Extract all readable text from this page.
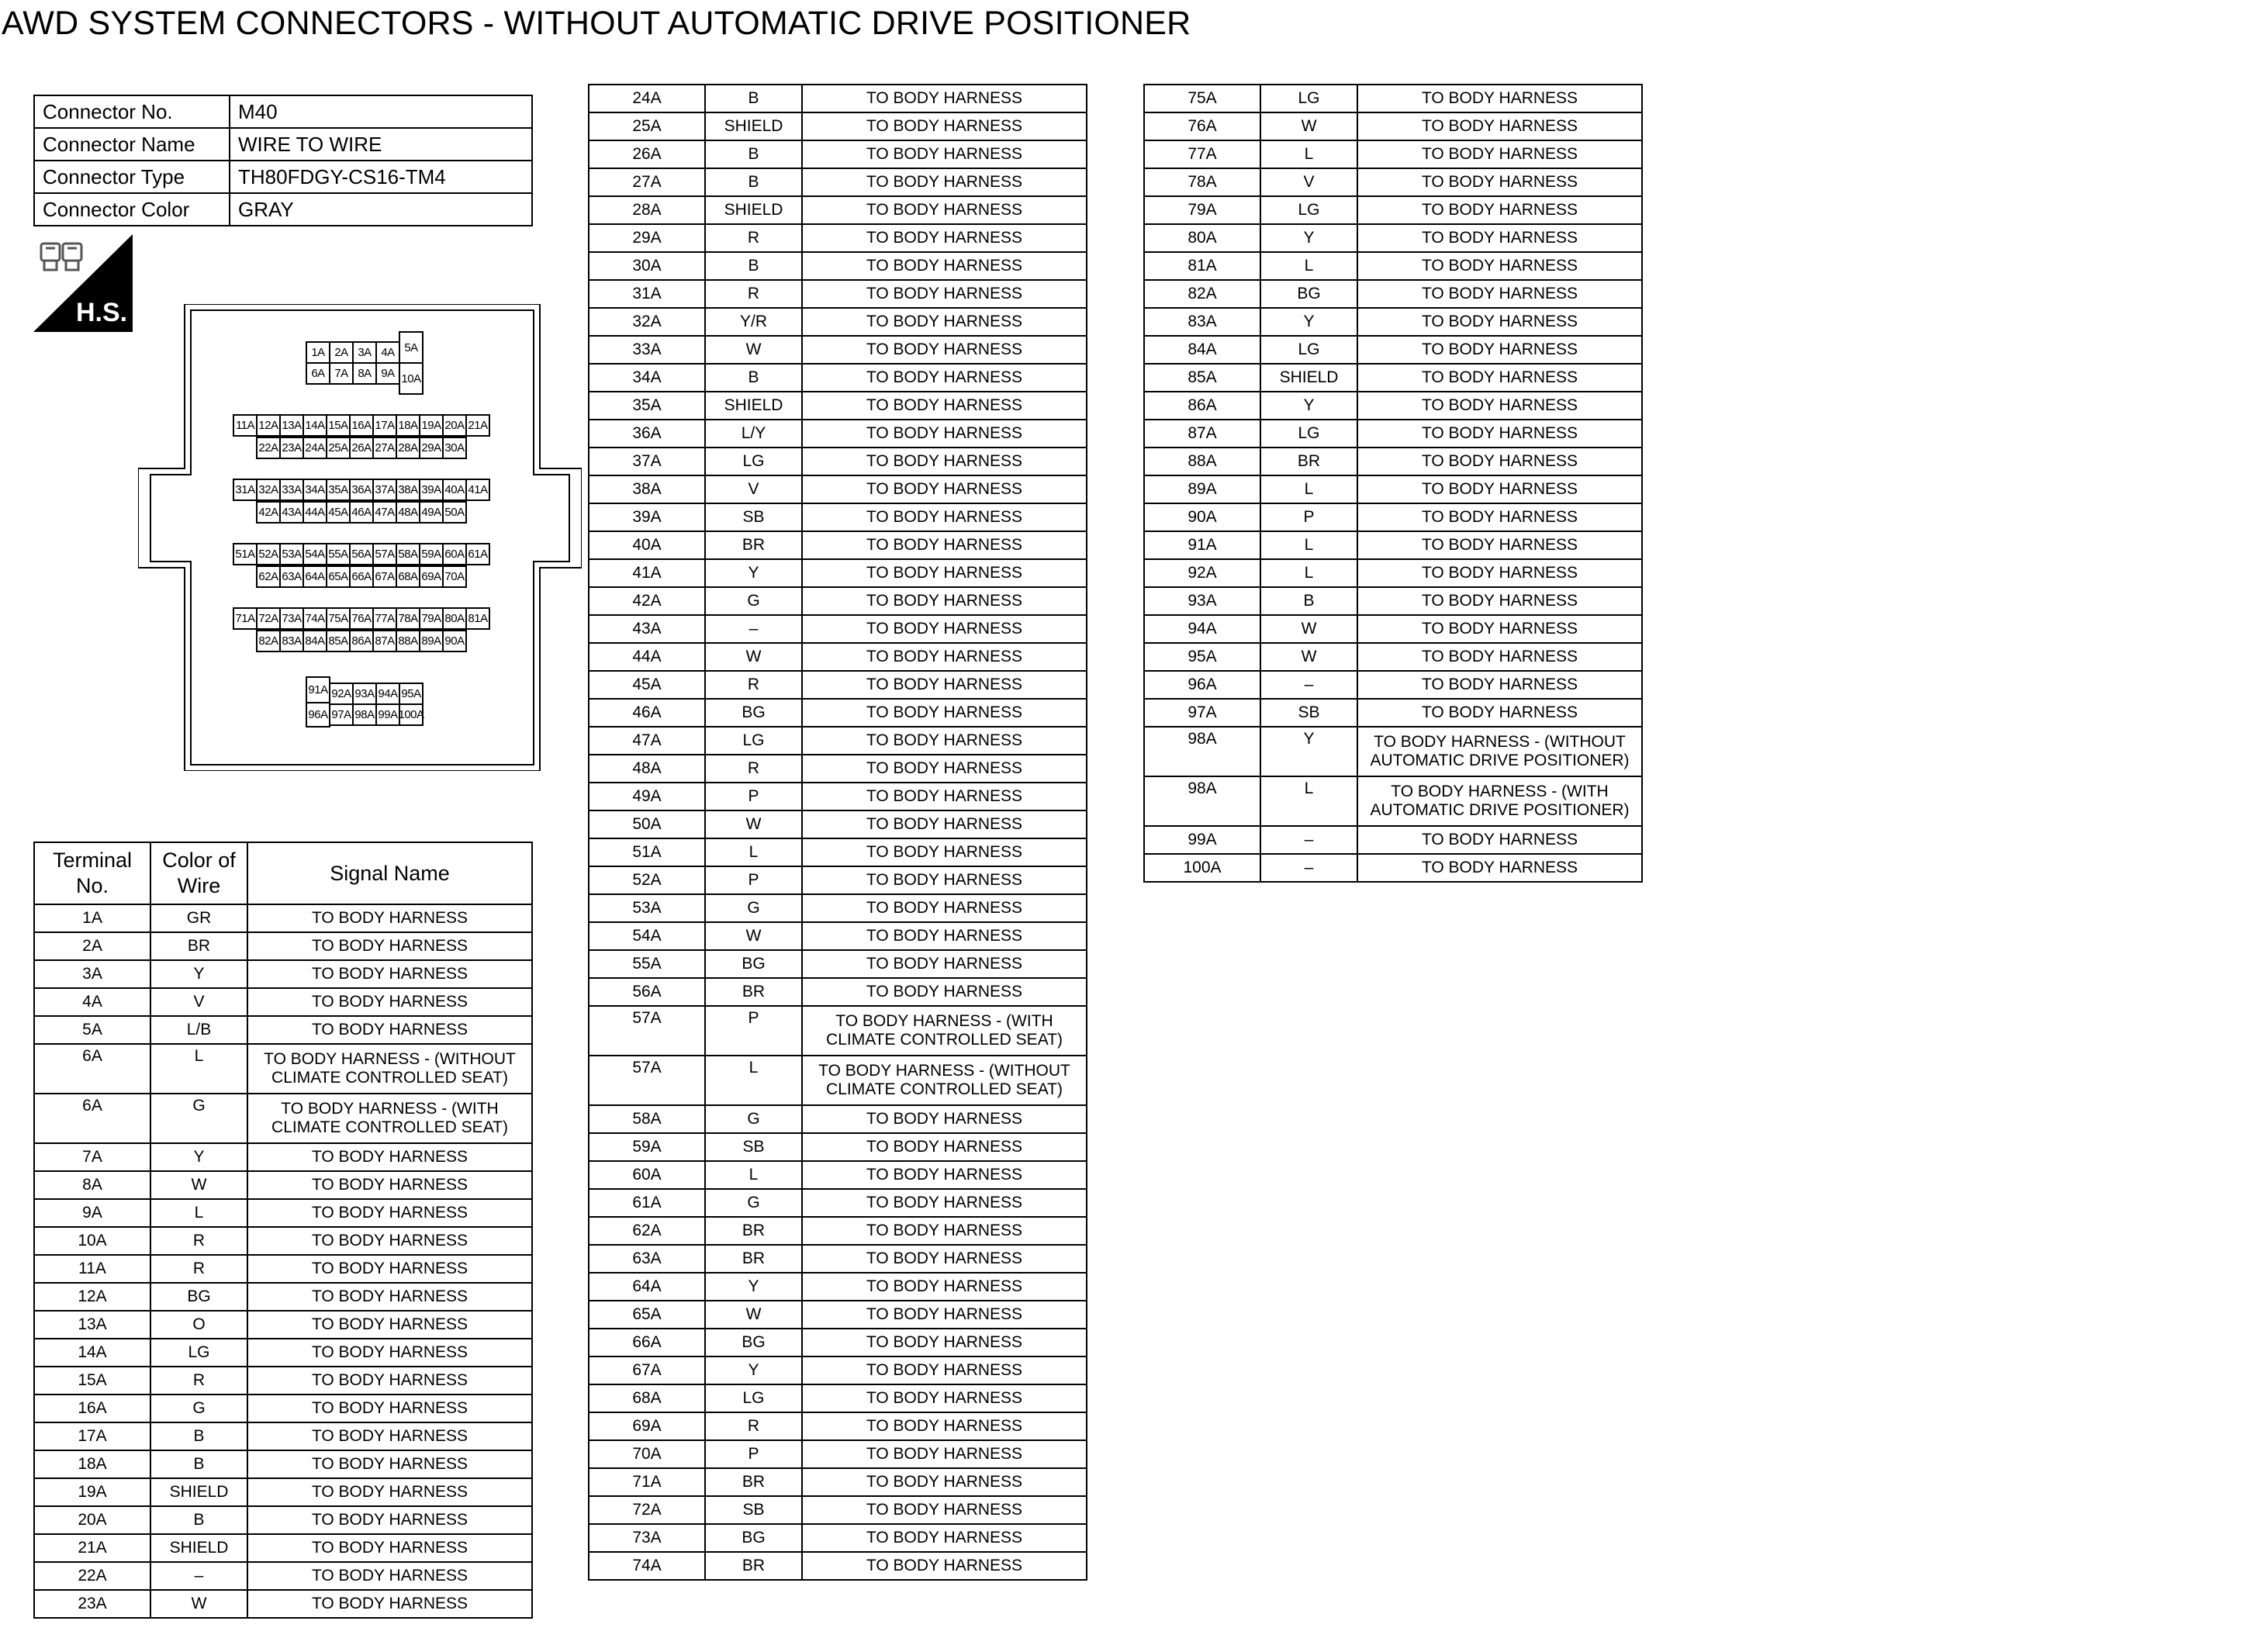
AWD SYSTEM CONNECTORS - WITHOUT AUTOMATIC DRIVE POSITIONER
Connector No.	M40
Connector Name	WIRE TO WIRE
Connector Type	TH80FDGY-CS16-TM4
Connector Color	GRAY
H.S.
1A 2A 3A 4A
6A 7A 8A 9A
5A
10A
11A 12A 13A 14A 15A 16A 17A 18A 19A 20A 21A
22A 23A 24A 25A 26A 27A 28A 29A 30A
31A 32A 33A 34A 35A 36A 37A 38A 39A 40A 41A
42A 43A 44A 45A 46A 47A 48A 49A 50A
51A 52A 53A 54A 55A 56A 57A 58A 59A 60A 61A
62A 63A 64A 65A 66A 67A 68A 69A 70A
71A 72A 73A 74A 75A 76A 77A 78A 79A 80A 81A
82A 83A 84A 85A 86A 87A 88A 89A 90A
91A
96A
92A 93A 94A 95A
97A 98A 99A 100A
Terminal No.	Color of Wire	Signal Name
1A	GR	TO BODY HARNESS
2A	BR	TO BODY HARNESS
3A	Y	TO BODY HARNESS
4A	V	TO BODY HARNESS
5A	L/B	TO BODY HARNESS
6A	L	TO BODY HARNESS - (WITHOUT CLIMATE CONTROLLED SEAT)
6A	G	TO BODY HARNESS - (WITH CLIMATE CONTROLLED SEAT)
7A	Y	TO BODY HARNESS
8A	W	TO BODY HARNESS
9A	L	TO BODY HARNESS
10A	R	TO BODY HARNESS
11A	R	TO BODY HARNESS
12A	BG	TO BODY HARNESS
13A	O	TO BODY HARNESS
14A	LG	TO BODY HARNESS
15A	R	TO BODY HARNESS
16A	G	TO BODY HARNESS
17A	B	TO BODY HARNESS
18A	B	TO BODY HARNESS
19A	SHIELD	TO BODY HARNESS
20A	B	TO BODY HARNESS
21A	SHIELD	TO BODY HARNESS
22A	–	TO BODY HARNESS
23A	W	TO BODY HARNESS
24A	B	TO BODY HARNESS
25A	SHIELD	TO BODY HARNESS
26A	B	TO BODY HARNESS
27A	B	TO BODY HARNESS
28A	SHIELD	TO BODY HARNESS
29A	R	TO BODY HARNESS
30A	B	TO BODY HARNESS
31A	R	TO BODY HARNESS
32A	Y/R	TO BODY HARNESS
33A	W	TO BODY HARNESS
34A	B	TO BODY HARNESS
35A	SHIELD	TO BODY HARNESS
36A	L/Y	TO BODY HARNESS
37A	LG	TO BODY HARNESS
38A	V	TO BODY HARNESS
39A	SB	TO BODY HARNESS
40A	BR	TO BODY HARNESS
41A	Y	TO BODY HARNESS
42A	G	TO BODY HARNESS
43A	–	TO BODY HARNESS
44A	W	TO BODY HARNESS
45A	R	TO BODY HARNESS
46A	BG	TO BODY HARNESS
47A	LG	TO BODY HARNESS
48A	R	TO BODY HARNESS
49A	P	TO BODY HARNESS
50A	W	TO BODY HARNESS
51A	L	TO BODY HARNESS
52A	P	TO BODY HARNESS
53A	G	TO BODY HARNESS
54A	W	TO BODY HARNESS
55A	BG	TO BODY HARNESS
56A	BR	TO BODY HARNESS
57A	P	TO BODY HARNESS - (WITH CLIMATE CONTROLLED SEAT)
57A	L	TO BODY HARNESS - (WITHOUT CLIMATE CONTROLLED SEAT)
58A	G	TO BODY HARNESS
59A	SB	TO BODY HARNESS
60A	L	TO BODY HARNESS
61A	G	TO BODY HARNESS
62A	BR	TO BODY HARNESS
63A	BR	TO BODY HARNESS
64A	Y	TO BODY HARNESS
65A	W	TO BODY HARNESS
66A	BG	TO BODY HARNESS
67A	Y	TO BODY HARNESS
68A	LG	TO BODY HARNESS
69A	R	TO BODY HARNESS
70A	P	TO BODY HARNESS
71A	BR	TO BODY HARNESS
72A	SB	TO BODY HARNESS
73A	BG	TO BODY HARNESS
74A	BR	TO BODY HARNESS
75A	LG	TO BODY HARNESS
76A	W	TO BODY HARNESS
77A	L	TO BODY HARNESS
78A	V	TO BODY HARNESS
79A	LG	TO BODY HARNESS
80A	Y	TO BODY HARNESS
81A	L	TO BODY HARNESS
82A	BG	TO BODY HARNESS
83A	Y	TO BODY HARNESS
84A	LG	TO BODY HARNESS
85A	SHIELD	TO BODY HARNESS
86A	Y	TO BODY HARNESS
87A	LG	TO BODY HARNESS
88A	BR	TO BODY HARNESS
89A	L	TO BODY HARNESS
90A	P	TO BODY HARNESS
91A	L	TO BODY HARNESS
92A	L	TO BODY HARNESS
93A	B	TO BODY HARNESS
94A	W	TO BODY HARNESS
95A	W	TO BODY HARNESS
96A	–	TO BODY HARNESS
97A	SB	TO BODY HARNESS
98A	Y	TO BODY HARNESS - (WITHOUT AUTOMATIC DRIVE POSITIONER)
98A	L	TO BODY HARNESS - (WITH AUTOMATIC DRIVE POSITIONER)
99A	–	TO BODY HARNESS
100A	–	TO BODY HARNESS
